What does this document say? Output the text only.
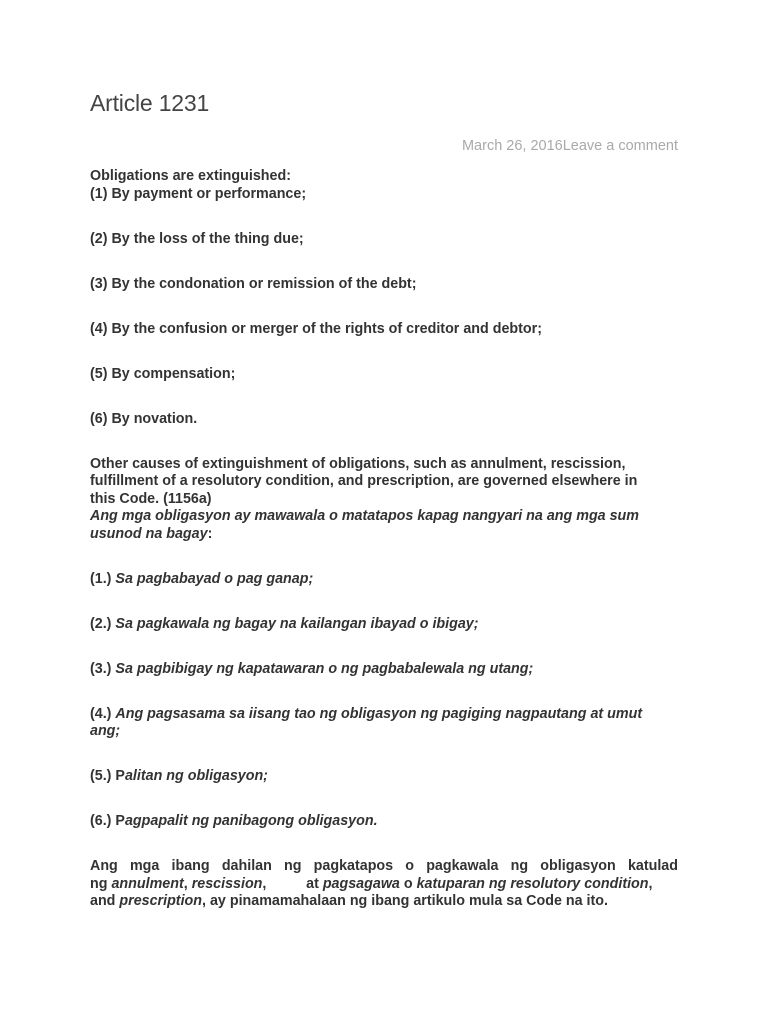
Article 1231
March 26, 2016Leave a comment

Obligations are extinguished:

(1) By payment or performance;

(2) By the loss of the thing due;

(3) By the condonation or remission of the debt;

(4) By the confusion or merger of the rights of creditor and debtor;

(5) By compensation;

(6) By novation.

Other causes of extinguishment of obligations, such as annulment, rescission,

fulfillment of a resolutory condition, and prescription, are governed elsewhere in

this Code. (1156a)

Ang mga obligasyon ay mawawala o matatapos kapag nangyari na ang mga sum

usunod na bagay:

(1.) Sa pagbabayad o pag ganap;

(2.) Sa pagkawala ng bagay na kailangan ibayad o ibigay;

(3.) Sa pagbibigay ng kapatawaran o ng pagbabalewala ng utang;

(4.) Ang pagsasama sa iisang tao ng obligasyon ng pagiging nagpautang at umut

ang;

(5.) Palitan ng obligasyon;

(6.) Pagpapalit ng panibagong obligasyon.

Ang mga ibang dahilan ng pagkatapos o pagkawala ng obligasyon katulad

ng annulment, rescission,          at pagsagawa o katuparan ng resolutory condition,

and prescription, ay pinamamahalaan ng ibang artikulo mula sa Code na ito.
